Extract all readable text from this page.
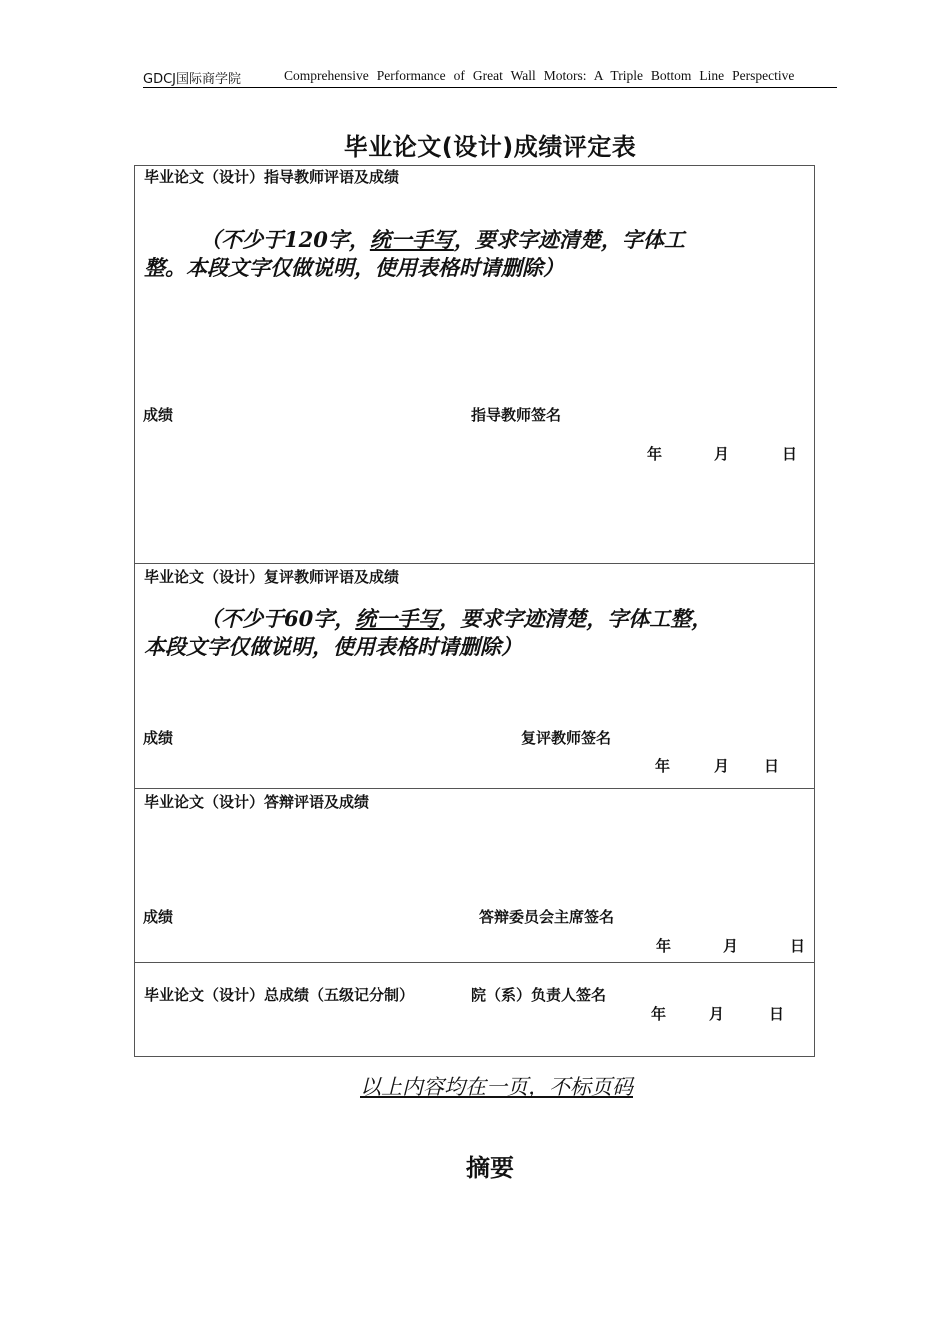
GDCJ国际商学院	Comprehensive Performance of Great Wall Motors: A Triple Bottom Line Perspective
毕业论文(设计)成绩评定表
毕业论文（设计）指导教师评语及成绩
（不少于120字，统一手写，要求字迹清楚，字体工
整。本段文字仅做说明，使用表格时请删除）
成绩	指导教师签名
年	月	日
毕业论文（设计）复评教师评语及成绩
（不少于60字，统一手写，要求字迹清楚，字体工整，
本段文字仅做说明，使用表格时请删除）
成绩	复评教师签名
年	月 日
毕业论文（设计）答辩评语及成绩
成绩	答辩委员会主席签名
年	月	日
毕业论文（设计）总成绩（五级记分制）	院（系）负责人签名
年	月	日
以上内容均在一页，不标页码
摘要
